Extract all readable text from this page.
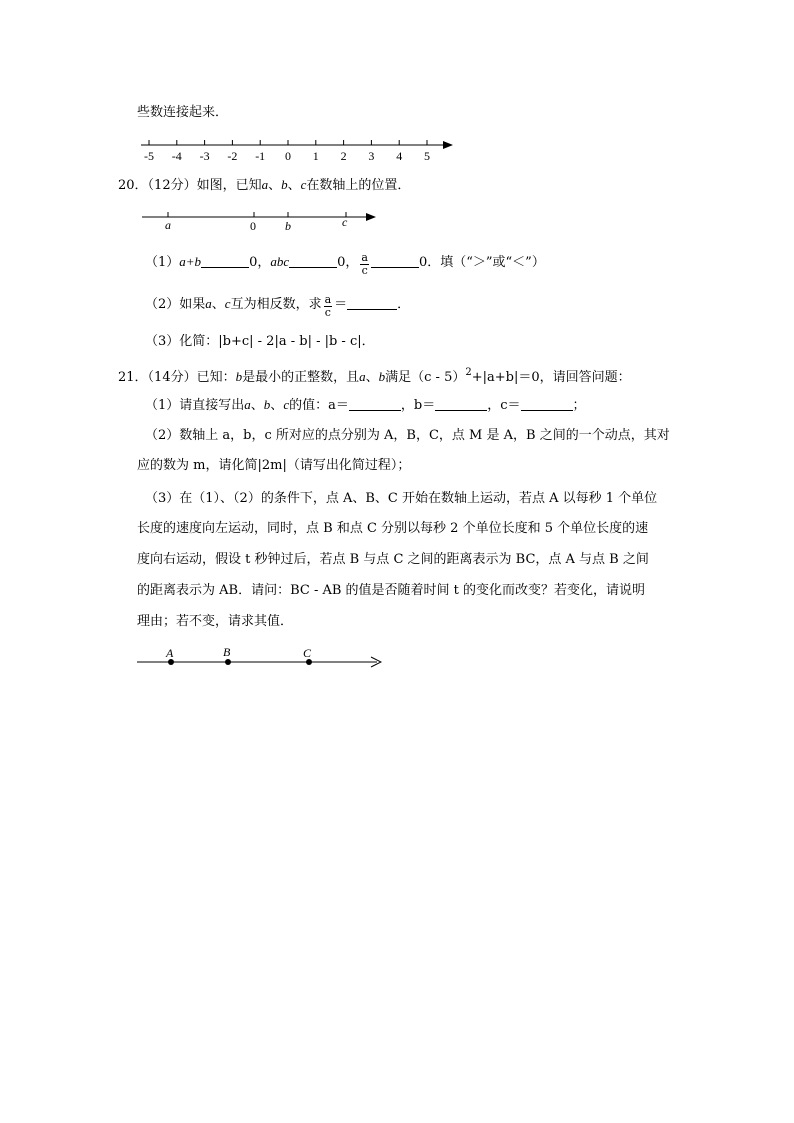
些数连接起来．
-5 -4 -3 -2 -1 0 1 2 3 4 5
20．（12分）如图，已知a、b、c在数轴上的位置．
a	0 b	c
（1）a+b	0，abc	0， $\frac{a}{c}$	0．填（“＞”或“＜”）
（2）如果a、c互为相反数，求 $\frac{a}{c}$ ＝	．
（3）化简：|b+c| - 2|a - b| - |b - c|．
21．（14分）已知：b是最小的正整数，且a、b满足（c - 5）$^2$+|a+b|＝0，请回答问题：
（1）请直接写出a、b、c的值：a＝	，b＝	，c＝	；
（2）数轴上 a，b，c 所对应的点分别为 A，B，C，点 M 是 A，B 之间的一个动点，其对
应的数为 m，请化简|2m|（请写出化简过程）；
（3）在（1）、（2）的条件下，点 A、B、C 开始在数轴上运动，若点 A 以每秒 1 个单位
长度的速度向左运动，同时，点 B 和点 C 分别以每秒 2 个单位长度和 5 个单位长度的速
度向右运动，假设 t 秒钟过后，若点 B 与点 C 之间的距离表示为 BC，点 A 与点 B 之间
的距离表示为 AB．请问：BC - AB 的值是否随着时间 t 的变化而改变？若变化，请说明
理由；若不变，请求其值．
A	B	C
